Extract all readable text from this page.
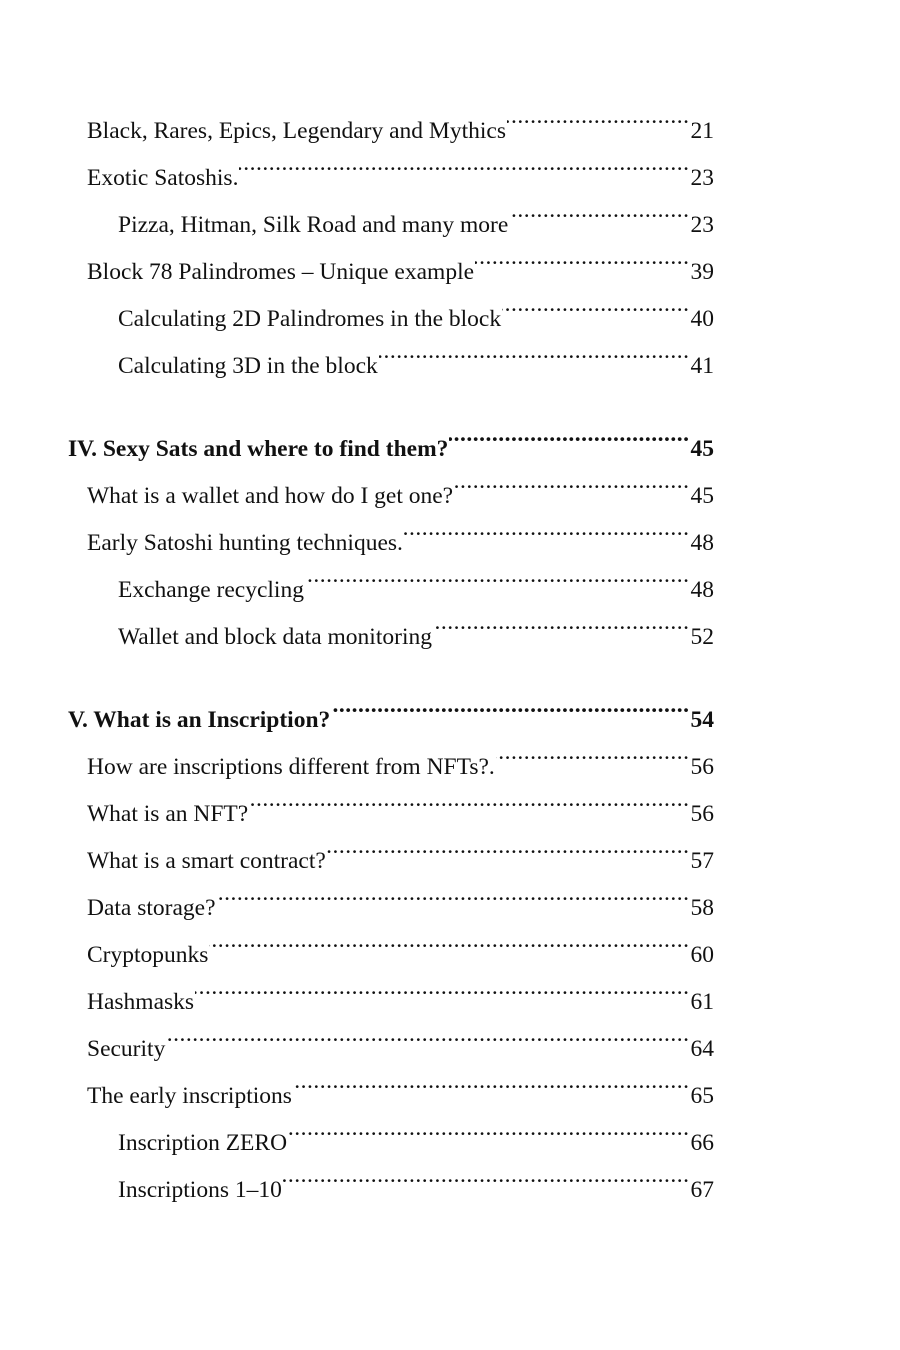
Black, Rares, Epics, Legendary and Mythics .....	21
Exotic Satoshis. .....	23
Pizza, Hitman, Silk Road and many more .....	23
Block 78 Palindromes – Unique example .....	39
Calculating 2D Palindromes in the block .....	40
Calculating 3D in the block .....	41
IV. Sexy Sats and where to find them? .....	45
What is a wallet and how do I get one? .....	45
Early Satoshi hunting techniques. .....	48
Exchange recycling .....	48
Wallet and block data monitoring .....	52
V. What is an Inscription? .....	54
How are inscriptions different from NFTs?. .....	56
What is an NFT? .....	56
What is a smart contract? .....	57
Data storage? .....	58
Cryptopunks .....	60
Hashmasks .....	61
Security .....	64
The early inscriptions .....	65
Inscription ZERO .....	66
Inscriptions 1–10 .....	67
